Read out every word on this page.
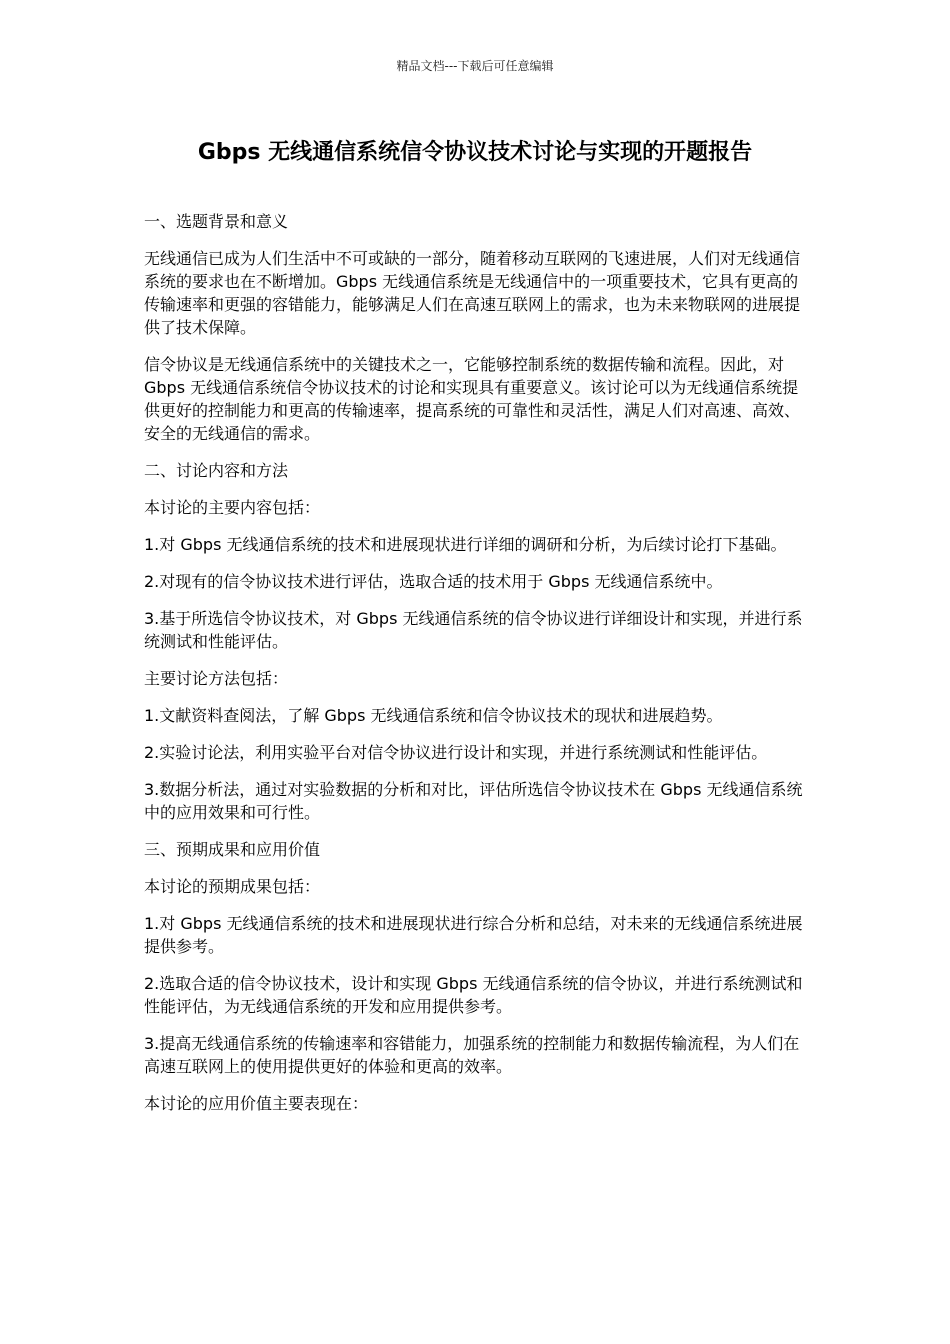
精品文档---下载后可任意编辑
Gbps 无线通信系统信令协议技术讨论与实现的开题报告

一、选题背景和意义

无线通信已成为人们生活中不可或缺的一部分，随着移动互联网的飞速进展，人们对无线通信系统的要求也在不断增加。Gbps 无线通信系统是无线通信中的一项重要技术，它具有更高的传输速率和更强的容错能力，能够满足人们在高速互联网上的需求，也为未来物联网的进展提供了技术保障。

信令协议是无线通信系统中的关键技术之一，它能够控制系统的数据传输和流程。因此，对 Gbps 无线通信系统信令协议技术的讨论和实现具有重要意义。该讨论可以为无线通信系统提供更好的控制能力和更高的传输速率，提高系统的可靠性和灵活性，满足人们对高速、高效、安全的无线通信的需求。

二、讨论内容和方法

本讨论的主要内容包括：

1.对 Gbps 无线通信系统的技术和进展现状进行详细的调研和分析，为后续讨论打下基础。

2.对现有的信令协议技术进行评估，选取合适的技术用于 Gbps 无线通信系统中。

3.基于所选信令协议技术，对 Gbps 无线通信系统的信令协议进行详细设计和实现，并进行系统测试和性能评估。

主要讨论方法包括：

1.文献资料查阅法，了解 Gbps 无线通信系统和信令协议技术的现状和进展趋势。

2.实验讨论法，利用实验平台对信令协议进行设计和实现，并进行系统测试和性能评估。

3.数据分析法，通过对实验数据的分析和对比，评估所选信令协议技术在 Gbps 无线通信系统中的应用效果和可行性。

三、预期成果和应用价值

本讨论的预期成果包括：

1.对 Gbps 无线通信系统的技术和进展现状进行综合分析和总结，对未来的无线通信系统进展提供参考。

2.选取合适的信令协议技术，设计和实现 Gbps 无线通信系统的信令协议，并进行系统测试和性能评估，为无线通信系统的开发和应用提供参考。

3.提高无线通信系统的传输速率和容错能力，加强系统的控制能力和数据传输流程，为人们在高速互联网上的使用提供更好的体验和更高的效率。

本讨论的应用价值主要表现在：
